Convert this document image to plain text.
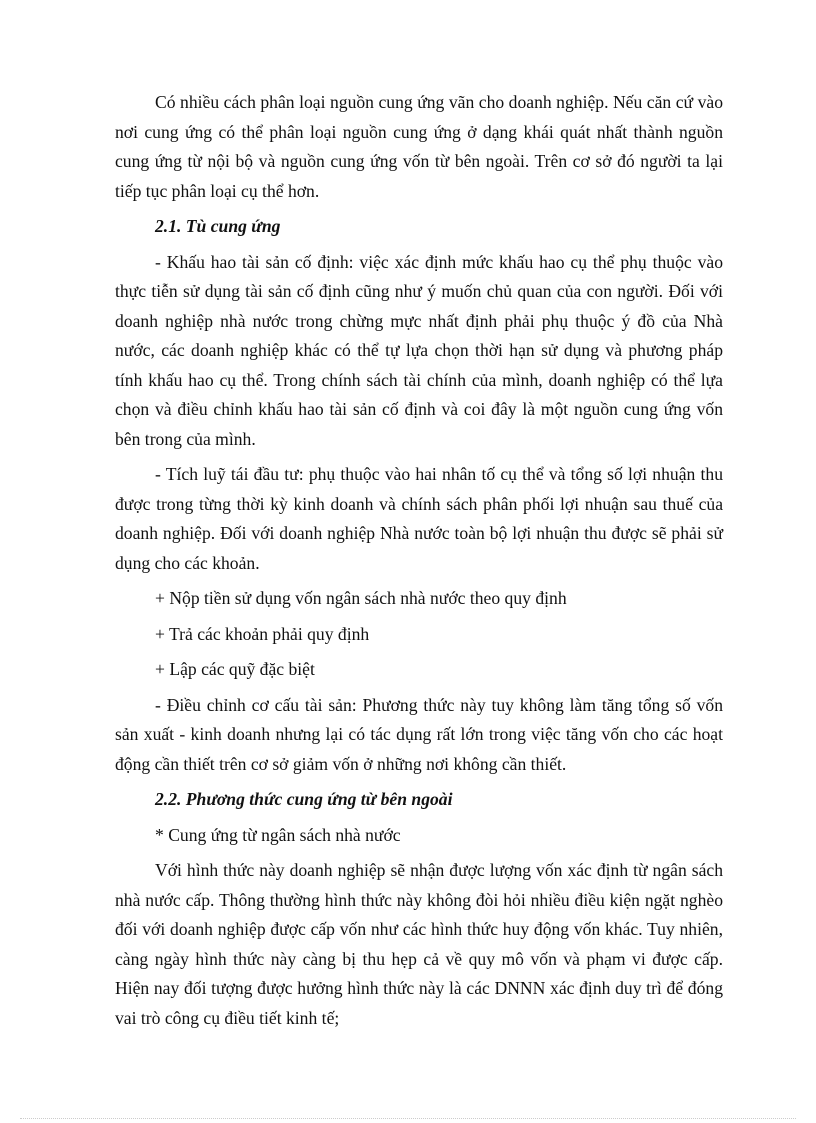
Có nhiều cách phân loại nguồn cung ứng vãn cho doanh nghiệp. Nếu căn cứ vào nơi cung ứng có thể phân loại nguồn cung ứng ở dạng khái quát nhất thành nguồn cung ứng từ nội bộ và nguồn cung ứng vốn từ bên ngoài. Trên cơ sở đó người ta lại tiếp tục phân loại cụ thể hơn.

2.1. Tù cung ứng

- Khấu hao tài sản cố định: việc xác định mức khấu hao cụ thể phụ thuộc vào thực tiễn sử dụng tài sản cố định cũng như ý muốn chủ quan của con người. Đối với doanh nghiệp nhà nước trong chừng mực nhất định phải phụ thuộc ý đồ của Nhà nước, các doanh nghiệp khác có thể tự lựa chọn thời hạn sử dụng và phương pháp tính khấu hao cụ thể. Trong chính sách tài chính của mình, doanh nghiệp có thể lựa chọn và điều chỉnh khấu hao tài sản cố định và coi đây là một nguồn cung ứng vốn bên trong của mình.

- Tích luỹ tái đầu tư: phụ thuộc vào hai nhân tố cụ thể và tổng số lợi nhuận thu được trong từng thời kỳ kinh doanh và chính sách phân phối lợi nhuận sau thuế của doanh nghiệp. Đối với doanh nghiệp Nhà nước toàn bộ lợi nhuận thu được sẽ phải sử dụng cho các khoản.

+ Nộp tiền sử dụng vốn ngân sách nhà nước theo quy định

+ Trả các khoản phải quy định

+ Lập các quỹ đặc biệt

- Điều chỉnh cơ cấu tài sản: Phương thức này tuy không làm tăng tổng số vốn sản xuất - kinh doanh nhưng lại có tác dụng rất lớn trong việc tăng vốn cho các hoạt động cần thiết trên cơ sở giảm vốn ở những nơi không cần thiết.

2.2. Phương thức cung ứng từ bên ngoài

* Cung ứng từ ngân sách nhà nước

Với hình thức này doanh nghiệp sẽ nhận được lượng vốn xác định từ ngân sách nhà nước cấp. Thông thường hình thức này không đòi hỏi nhiều điều kiện ngặt nghèo đối với doanh nghiệp được cấp vốn như các hình thức huy động vốn khác. Tuy nhiên, càng ngày hình thức này càng bị thu hẹp cả về quy mô vốn và phạm vi được cấp. Hiện nay đối tượng được hưởng hình thức này là các DNNN xác định duy trì để đóng vai trò công cụ điều tiết kinh tế;
